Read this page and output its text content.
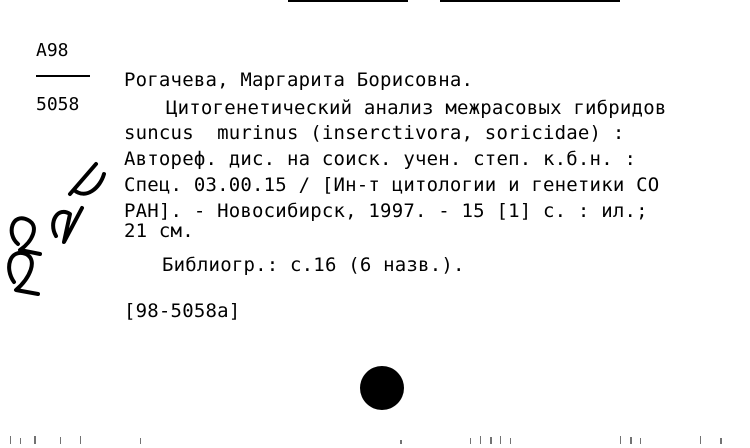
A98
5058
Рогачева, Маргарита Борисовна.
Цитогенетический анализ межрасовых гибридов
suncus  murinus (inserctivora, soricidae) :
Автореф. дис. на соиск. учен. степ. к.б.н. :
Спец. 03.00.15 / [Ин-т цитологии и генетики СО
РАН]. - Новосибирск, 1997. - 15 [1] с. : ил.;
21 см.
Библиогр.: с.16 (6 назв.).
[98-5058а]
